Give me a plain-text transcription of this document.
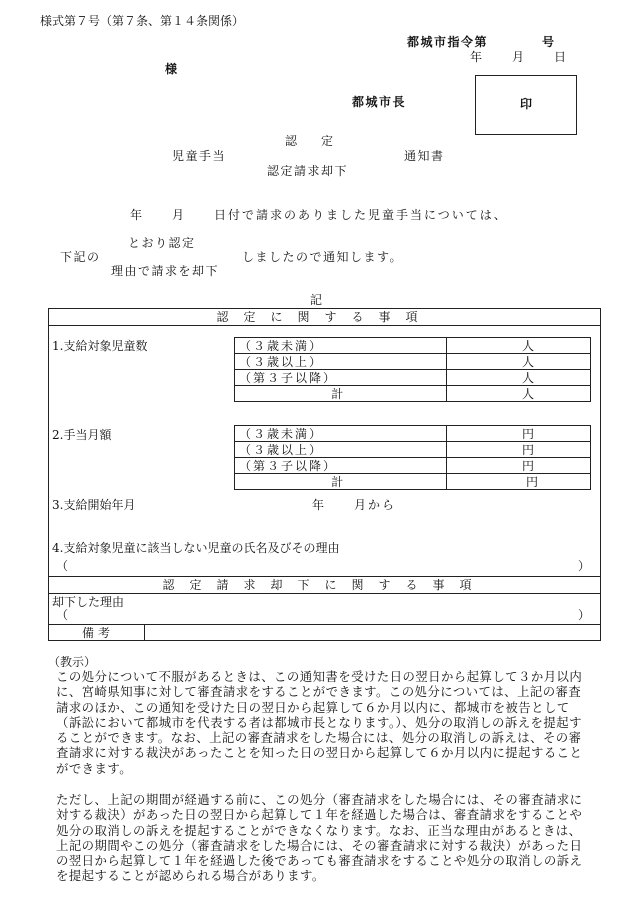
様式第７号（第７条、第１４条関係）
都城市指令第　　　　号
年　　月　　日
様
都城市長	印
認　　定
児童手当	通知書
認定請求却下
年　　月　　日付で請求のありました児童手当については、
とおり認定
下記の	しましたので通知します。
理由で請求を却下
記
認定に関する事項
1.支給対象児童数	（３歳未満）	人
（３歳以上）	人
（第３子以降）	人
計	人
2.手当月額	（３歳未満）	円
（３歳以上）	円
（第３子以降）	円
計	円
3.支給開始年月	年　　月から
4.支給対象児童に該当しない児童の氏名及びその理由
（	）
認定請求却下に関する事項
却下した理由
（	）
備考
（教示）
この処分について不服があるときは、この通知書を受けた日の翌日から起算して３か月以内に、宮崎県知事に対して審査請求をすることができます。この処分については、上記の審査請求のほか、この通知を受けた日の翌日から起算して６か月以内に、都城市を被告として（訴訟において都城市を代表する者は都城市長となります。）、処分の取消しの訴えを提起することができます。なお、上記の審査請求をした場合には、処分の取消しの訴えは、その審査請求に対する裁決があったことを知った日の翌日から起算して６か月以内に提起することができます。
ただし、上記の期間が経過する前に、この処分（審査請求をした場合には、その審査請求に対する裁決）があった日の翌日から起算して１年を経過した場合は、審査請求をすることや処分の取消しの訴えを提起することができなくなります。なお、正当な理由があるときは、上記の期間やこの処分（審査請求をした場合には、その審査請求に対する裁決）があった日の翌日から起算して１年を経過した後であっても審査請求をすることや処分の取消しの訴えを提起することが認められる場合があります。
